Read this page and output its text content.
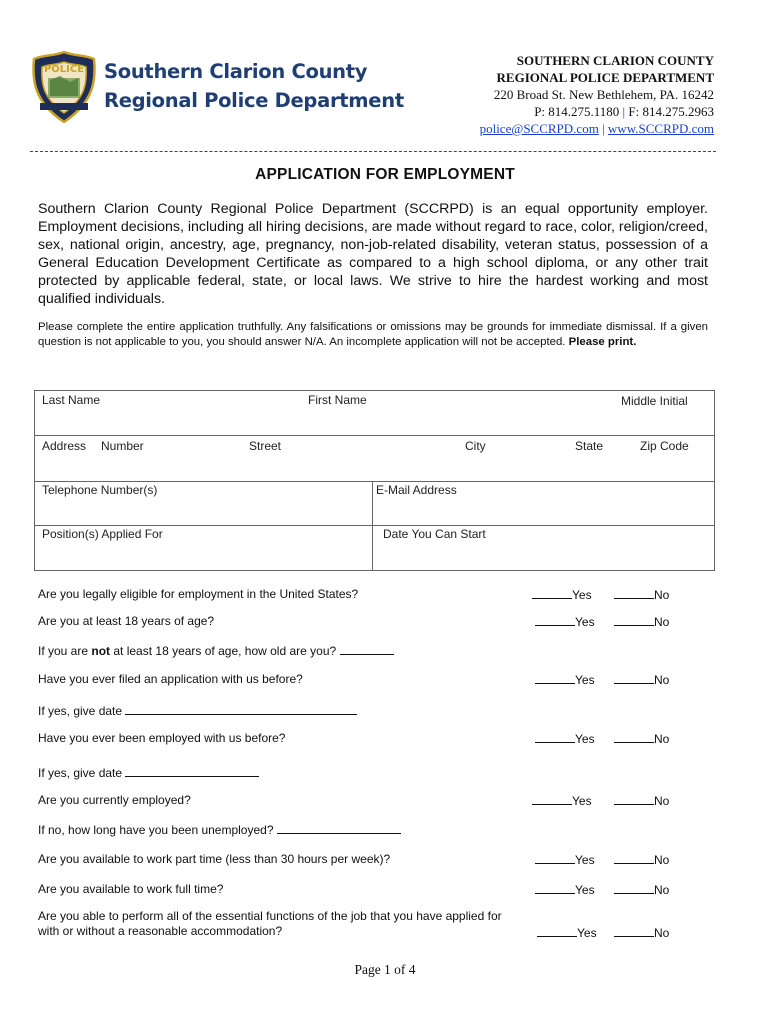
POLICE Southern Clarion County
Regional Police Department
SOUTHERN CLARION COUNTY
REGIONAL POLICE DEPARTMENT
220 Broad St. New Bethlehem, PA. 16242
P: 814.275.1180 | F: 814.275.2963
police@SCCRPD.com | www.SCCRPD.com
APPLICATION FOR EMPLOYMENT
Southern Clarion County Regional Police Department (SCCRPD) is an equal opportunity employer. Employment decisions, including all hiring decisions, are made without regard to race, color, religion/creed, sex, national origin, ancestry, age, pregnancy, non-job-related disability, veteran status, possession of a General Education Development Certificate as compared to a high school diploma, or any other trait protected by applicable federal, state, or local laws. We strive to hire the hardest working and most qualified individuals.
Please complete the entire application truthfully. Any falsifications or omissions may be grounds for immediate dismissal. If a given question is not applicable to you, you should answer N/A. An incomplete application will not be accepted. Please print.
Last Name	First Name	Middle Initial
Address Number	Street	City	State	Zip Code
Telephone Number(s)	E-Mail Address
Position(s) Applied For	Date You Can Start
Are you legally eligible for employment in the United States?	Yes	No
Are you at least 18 years of age?	Yes	No
If you are not at least 18 years of age, how old are you?
Have you ever filed an application with us before?	Yes	No
If yes, give date
Have you ever been employed with us before?	Yes	No
If yes, give date
Are you currently employed?	Yes	No
If no, how long have you been unemployed?
Are you available to work part time (less than 30 hours per week)?	Yes	No
Are you available to work full time?	Yes	No
Are you able to perform all of the essential functions of the job that you have applied for
with or without a reasonable accommodation?	Yes	No
Page 1 of 4
